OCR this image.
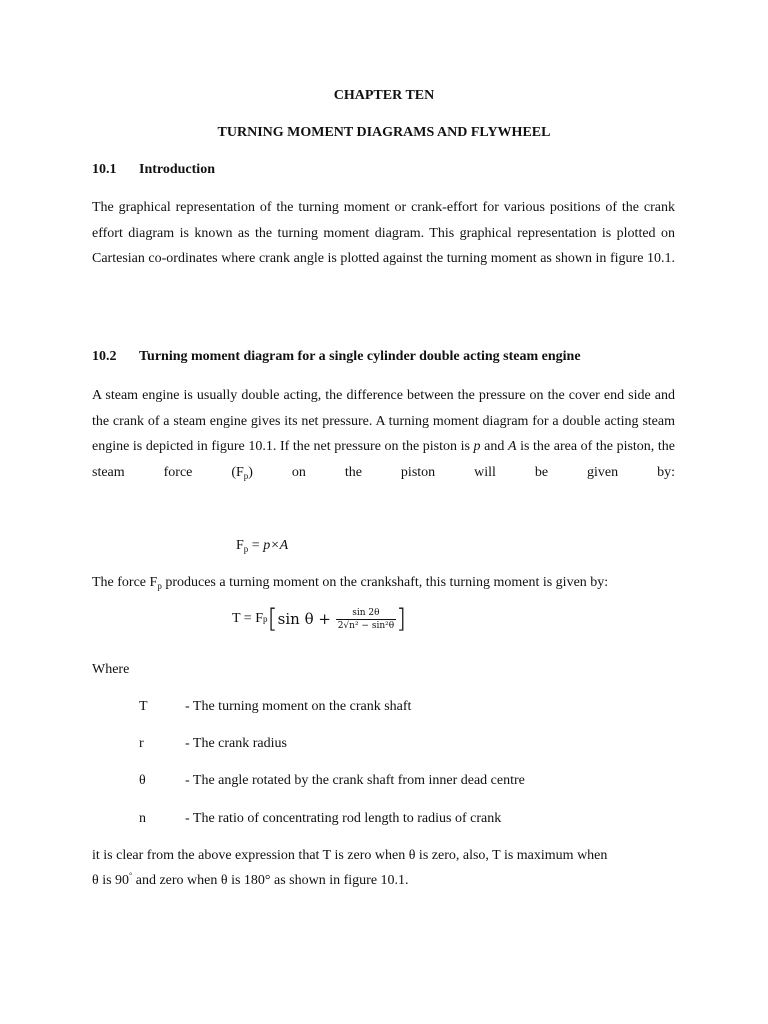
CHAPTER TEN
TURNING MOMENT DIAGRAMS AND FLYWHEEL
10.1 Introduction
The graphical representation of the turning moment or crank-effort for various positions of the crank effort diagram is known as the turning moment diagram. This graphical representation is plotted on Cartesian co-ordinates where crank angle is plotted against the turning moment as shown in figure 10.1.
10.2 Turning moment diagram for a single cylinder double acting steam engine
A steam engine is usually double acting, the difference between the pressure on the cover end side and the crank of a steam engine gives its net pressure. A turning moment diagram for a double acting steam engine is depicted in figure 10.1. If the net pressure on the piston is p and A is the area of the piston, the steam force $(F_p)$ on the piston will be given by:
$F_p = p\times A$
The force $F_p$ produces a turning moment on the crankshaft, this turning moment is given by:
T = Fp[sin $\theta + \frac{\sin 2\theta}{\text{2√n² − sin²θ}}$ ]
Where
T	- The turning moment on the crank shaft
r	- The crank radius
θ	- The angle rotated by the crank shaft from inner dead centre
n	- The ratio of concentrating rod length to radius of crank
it is clear from the above expression that T is zero when θ is zero, also, T is maximum when
θ is 90° and zero when θ is 180° as shown in figure 10.1.
